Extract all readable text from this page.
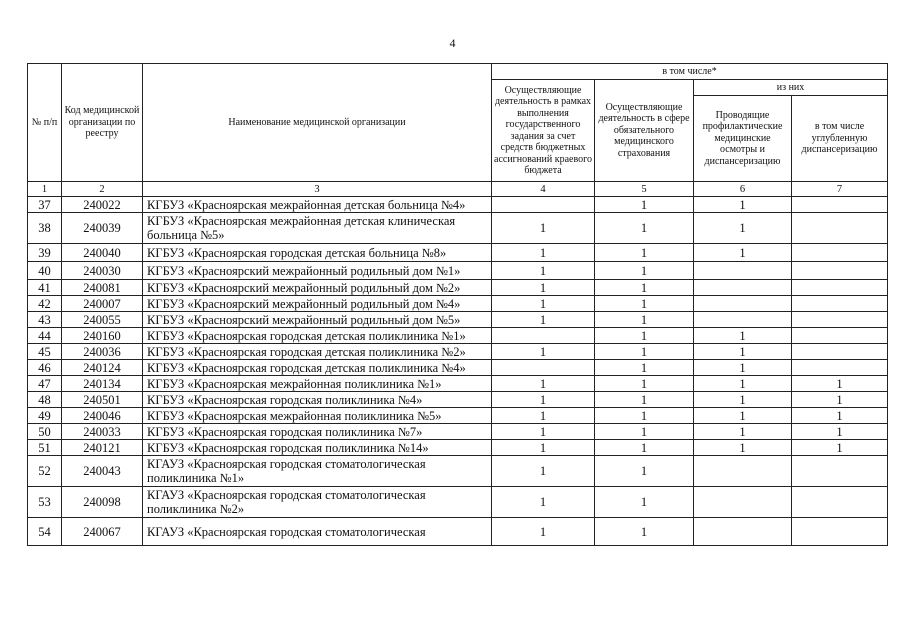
4
№ п/п	Код медицинской организации по реестру	Наименование медицинской организации	в том числе*			
			Осуществляющие деятельность в рамках выполнения государственного задания за счет средств бюджетных ассигнований краевого бюджета	Осуществляющие деятельность в сфере обязательного медицинского страхования	из них	
					Проводящие профилактические медицинские осмотры и диспансеризацию	в том числе углубленную диспансеризацию
1	2	3	4	5	6	7
37	240022	КГБУЗ «Красноярская межрайонная детская больница №4»		1	1	
38	240039	КГБУЗ «Красноярская межрайонная детская клиническая больница №5»	1	1	1	
39	240040	КГБУЗ «Красноярская городская детская больница №8»	1	1	1	
40	240030	КГБУЗ «Красноярский межрайонный родильный дом №1»	1	1		
41	240081	КГБУЗ «Красноярский межрайонный родильный дом №2»	1	1		
42	240007	КГБУЗ «Красноярский межрайонный родильный дом №4»	1	1		
43	240055	КГБУЗ «Красноярский межрайонный родильный дом №5»	1	1		
44	240160	КГБУЗ «Красноярская городская детская поликлиника №1»		1	1	
45	240036	КГБУЗ «Красноярская городская детская поликлиника №2»	1	1	1	
46	240124	КГБУЗ «Красноярская городская детская поликлиника №4»		1	1	
47	240134	КГБУЗ «Красноярская межрайонная поликлиника №1»	1	1	1	1
48	240501	КГБУЗ «Красноярская городская поликлиника №4»	1	1	1	1
49	240046	КГБУЗ «Красноярская межрайонная поликлиника №5»	1	1	1	1
50	240033	КГБУЗ «Красноярская городская поликлиника №7»	1	1	1	1
51	240121	КГБУЗ «Красноярская городская поликлиника №14»	1	1	1	1
52	240043	КГАУЗ «Красноярская городская стоматологическая поликлиника №1»	1	1		
53	240098	КГАУЗ «Красноярская городская стоматологическая поликлиника №2»	1	1		
54	240067	КГАУЗ «Красноярская городская стоматологическая	1	1		
